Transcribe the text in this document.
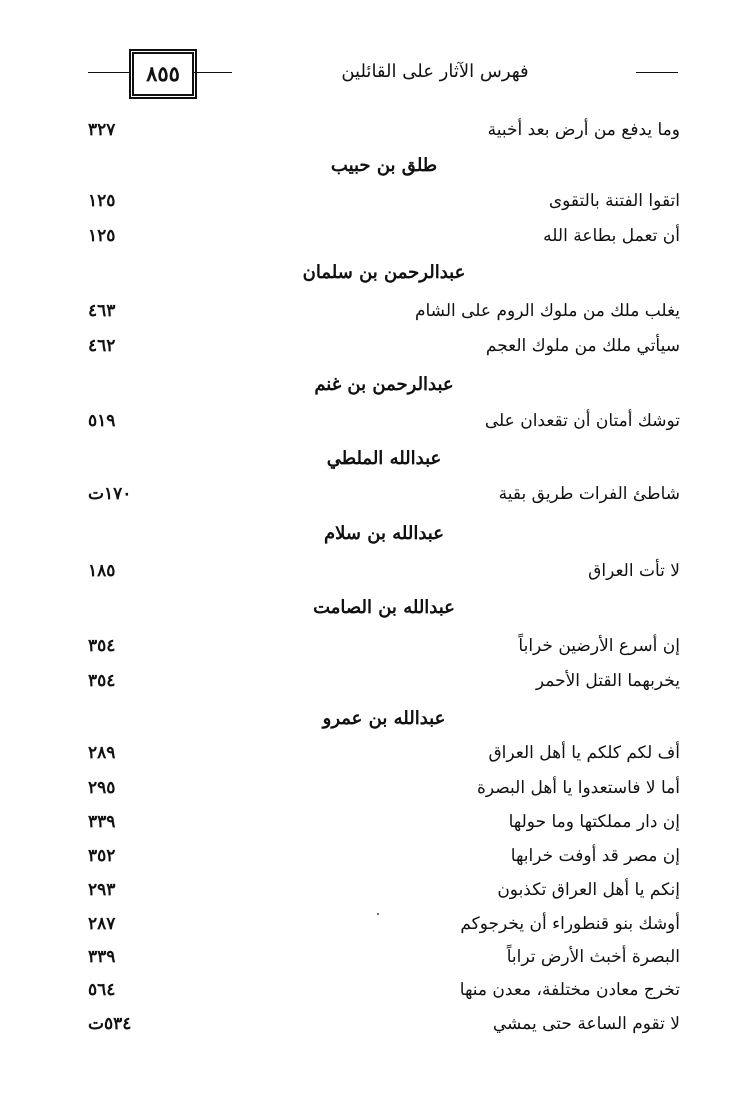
٨٥٥	فهرس الآثار على القائلين
وما يدفع من أرض بعد أخبية
٣٢٧
طلق بن حبيب
اتقوا الفتنة بالتقوى
١٢٥
أن تعمل بطاعة الله
١٢٥
عبدالرحمن بن سلمان
يغلب ملك من ملوك الروم على الشام
٤٦٣
سيأتي ملك من ملوك العجم
٤٦٢
عبدالرحمن بن غنم
توشك أمتان أن تقعدان على
٥١٩
عبدالله الملطي
شاطئ الفرات طريق بقية
١٧٠ت
عبدالله بن سلام
لا تأت العراق
١٨٥
عبدالله بن الصامت
إن أسرع الأرضين خراباً
٣٥٤
يخربهما القتل الأحمر
٣٥٤
عبدالله بن عمرو
أف لكم كلكم يا أهل العراق
٢٨٩
أما لا فاستعدوا يا أهل البصرة
٢٩٥
إن دار مملكتها وما حولها
٣٣٩
إن مصر قد أوفت خرابها
٣٥٢
إنكم يا أهل العراق تكذبون
٢٩٣
أوشك بنو قنطوراء أن يخرجوكم
٢٨٧
البصرة أخبث الأرض تراباً
٣٣٩
تخرج معادن مختلفة، معدن منها
٥٦٤
لا تقوم الساعة حتى يمشي
٥٣٤ت
